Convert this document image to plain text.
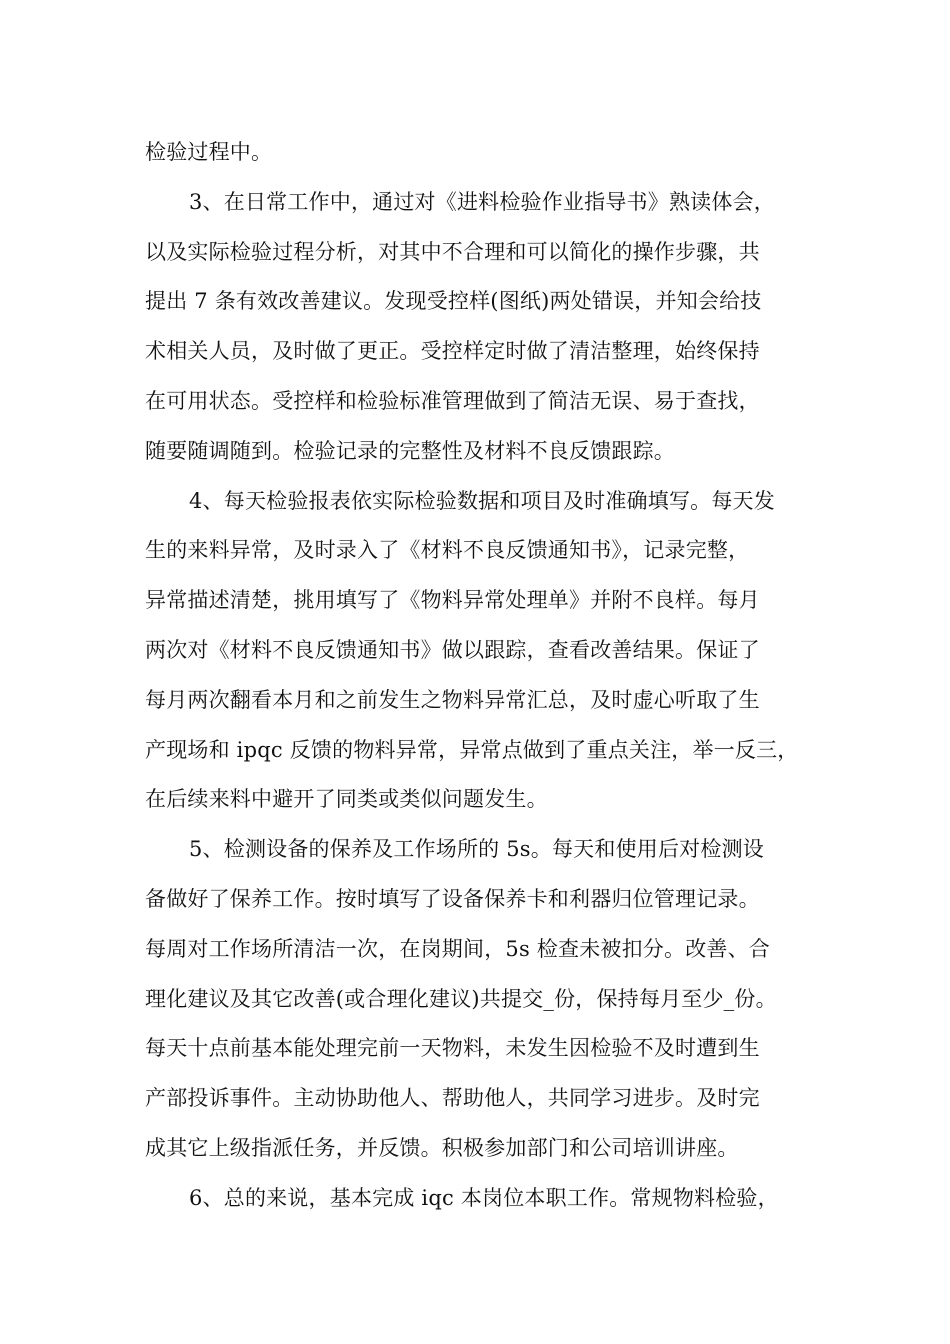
检验过程中。
3、在日常工作中，通过对《进料检验作业指导书》熟读体会，
以及实际检验过程分析，对其中不合理和可以简化的操作步骤，共
提出 7 条有效改善建议。发现受控样(图纸)两处错误，并知会给技
术相关人员，及时做了更正。受控样定时做了清洁整理，始终保持
在可用状态。受控样和检验标准管理做到了简洁无误、易于查找，
随要随调随到。检验记录的完整性及材料不良反馈跟踪。
4、每天检验报表依实际检验数据和项目及时准确填写。每天发
生的来料异常，及时录入了《材料不良反馈通知书》，记录完整，
异常描述清楚，挑用填写了《物料异常处理单》并附不良样。每月
两次对《材料不良反馈通知书》做以跟踪，查看改善结果。保证了
每月两次翻看本月和之前发生之物料异常汇总，及时虚心听取了生
产现场和 ipqc 反馈的物料异常，异常点做到了重点关注，举一反三，
在后续来料中避开了同类或类似问题发生。
5、检测设备的保养及工作场所的 5s。每天和使用后对检测设
备做好了保养工作。按时填写了设备保养卡和利器归位管理记录。
每周对工作场所清洁一次，在岗期间，5s 检查未被扣分。改善、合
理化建议及其它改善(或合理化建议)共提交_份，保持每月至少_份。
每天十点前基本能处理完前一天物料，未发生因检验不及时遭到生
产部投诉事件。主动协助他人、帮助他人，共同学习进步。及时完
成其它上级指派任务，并反馈。积极参加部门和公司培训讲座。
6、总的来说，基本完成 iqc 本岗位本职工作。常规物料检验，
